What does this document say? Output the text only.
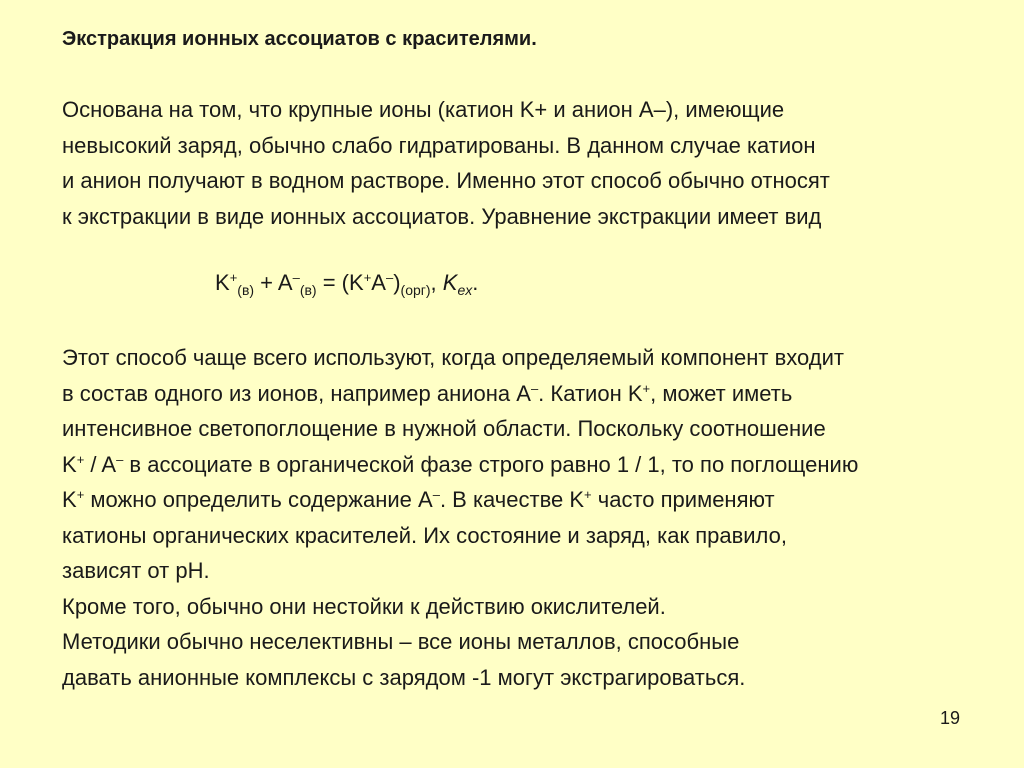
Экстракция ионных ассоциатов с красителями.
Основана на том, что крупные ионы (катион K+ и анион A–), имеющие
невысокий заряд, обычно слабо гидратированы. В данном случае катион
и анион получают в водном растворе. Именно этот способ обычно относят
к экстракции в виде ионных ассоциатов. Уравнение экстракции имеет вид
$K^+_{(в)} + A^-_{(в)} = (K^+A^-)_{(орг)}$, $K_{ex}$.
Этот способ чаще всего используют, когда определяемый компонент входит
в состав одного из ионов, например аниона A–. Катион K+, может иметь
интенсивное светопоглощение в нужной области. Поскольку соотношение
K+ / A– в ассоциате в органической фазе строго равно 1 / 1, то по поглощению
K+ можно определить содержание A–. В качестве K+ часто применяют
катионы органических красителей. Их состояние и заряд, как правило,
зависят от pH.
Кроме того, обычно они нестойки к действию окислителей.
Методики обычно неселективны – все ионы металлов, способные
давать анионные комплексы с зарядом -1 могут экстрагироваться.
19
